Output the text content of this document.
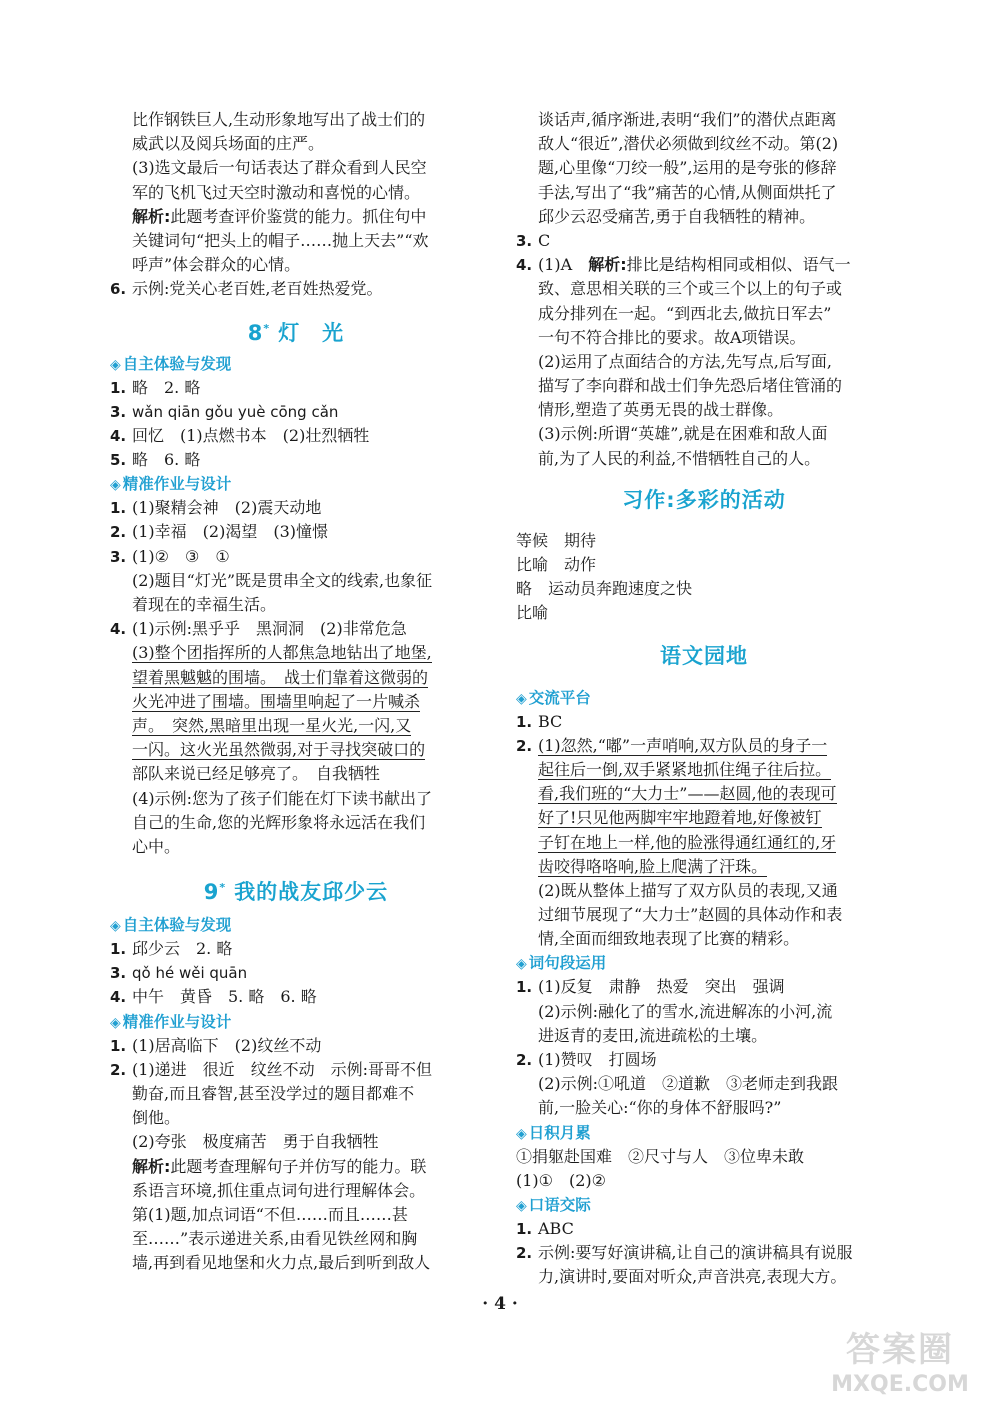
比作钢铁巨人,生动形象地写出了战士们的
威武以及阅兵场面的庄严。
(3)选文最后一句话表达了群众看到人民空
军的飞机飞过天空时激动和喜悦的心情。
解析:此题考查评价鉴赏的能力。抓住句中
关键词句“把头上的帽子……抛上天去”“欢
呼声”体会群众的心情。
6. 示例:党关心老百姓,老百姓热爱党。
8* 灯　光
◈ 自主体验与发现
1. 略　2. 略
3. wǎn qiān gǒu yuè cōng cǎn
4. 回忆　(1)点燃书本　(2)壮烈牺牲
5. 略　6. 略
◈ 精准作业与设计
1. (1)聚精会神　(2)震天动地
2. (1)幸福　(2)渴望　(3)憧憬
3. (1)②　③　①
(2)题目“灯光”既是贯串全文的线索,也象征
着现在的幸福生活。
4. (1)示例:黑乎乎　黑洞洞　(2)非常危急
(3)整个团指挥所的人都焦急地钻出了地堡,
望着黑魆魆的围墙。　战士们靠着这微弱的
火光冲进了围墙。围墙里响起了一片喊杀
声。　突然,黑暗里出现一星火光,一闪,又
一闪。这火光虽然微弱,对于寻找突破口的
部队来说已经足够亮了。　自我牺牲
(4)示例:您为了孩子们能在灯下读书献出了
自己的生命,您的光辉形象将永远活在我们
心中。
9* 我的战友邱少云
◈ 自主体验与发现
1. 邱少云　2. 略
3. qǒ hé wěi quān
4. 中午　黄昏　5. 略　6. 略
◈ 精准作业与设计
1. (1)居高临下　(2)纹丝不动
2. (1)递进　很近　纹丝不动　示例:哥哥不但
勤奋,而且睿智,甚至没学过的题目都难不
倒他。
(2)夸张　极度痛苦　勇于自我牺牲
解析:此题考查理解句子并仿写的能力。联
系语言环境,抓住重点词句进行理解体会。
第(1)题,加点词语“不但……而且……甚
至……”表示递进关系,由看见铁丝网和胸
墙,再到看见地堡和火力点,最后到听到敌人
谈话声,循序渐进,表明“我们”的潜伏点距离
敌人“很近”,潜伏必须做到纹丝不动。第(2)
题,心里像“刀绞一般”,运用的是夸张的修辞
手法,写出了“我”痛苦的心情,从侧面烘托了
邱少云忍受痛苦,勇于自我牺牲的精神。
3. C
4. (1)A　解析:排比是结构相同或相似、语气一
致、意思相关联的三个或三个以上的句子或
成分排列在一起。“到西北去,做抗日军去”
一句不符合排比的要求。故A项错误。
(2)运用了点面结合的方法,先写点,后写面,
描写了李向群和战士们争先恐后堵住管涌的
情形,塑造了英勇无畏的战士群像。
(3)示例:所谓“英雄”,就是在困难和敌人面
前,为了人民的利益,不惜牺牲自己的人。
习作:多彩的活动
等候　期待
比喻　动作
略　运动员奔跑速度之快
比喻
语文园地
◈ 交流平台
1. BC
2. (1)忽然,“嘟”一声哨响,双方队员的身子一
起往后一倒,双手紧紧地抓住绳子往后拉。
看,我们班的“大力士”——赵圆,他的表现可
好了!只见他两脚牢牢地蹬着地,好像被钉
子钉在地上一样,他的脸涨得通红通红的,牙
齿咬得咯咯响,脸上爬满了汗珠。
(2)既从整体上描写了双方队员的表现,又通
过细节展现了“大力士”赵圆的具体动作和表
情,全面而细致地表现了比赛的精彩。
◈ 词句段运用
1. (1)反复　肃静　热爱　突出　强调
(2)示例:融化了的雪水,流进解冻的小河,流
进返青的麦田,流进疏松的土壤。
2. (1)赞叹　打圆场
(2)示例:①吼道　②道歉　③老师走到我跟
前,一脸关心:“你的身体不舒服吗?”
◈ 日积月累
①捐躯赴国难　②尺寸与人　③位卑未敢
(1)①　(2)②
◈ 口语交际
1. ABC
2. 示例:要写好演讲稿,让自己的演讲稿具有说服
力,演讲时,要面对听众,声音洪亮,表现大方。
· 4 ·
答案圈
MXQE.COM
